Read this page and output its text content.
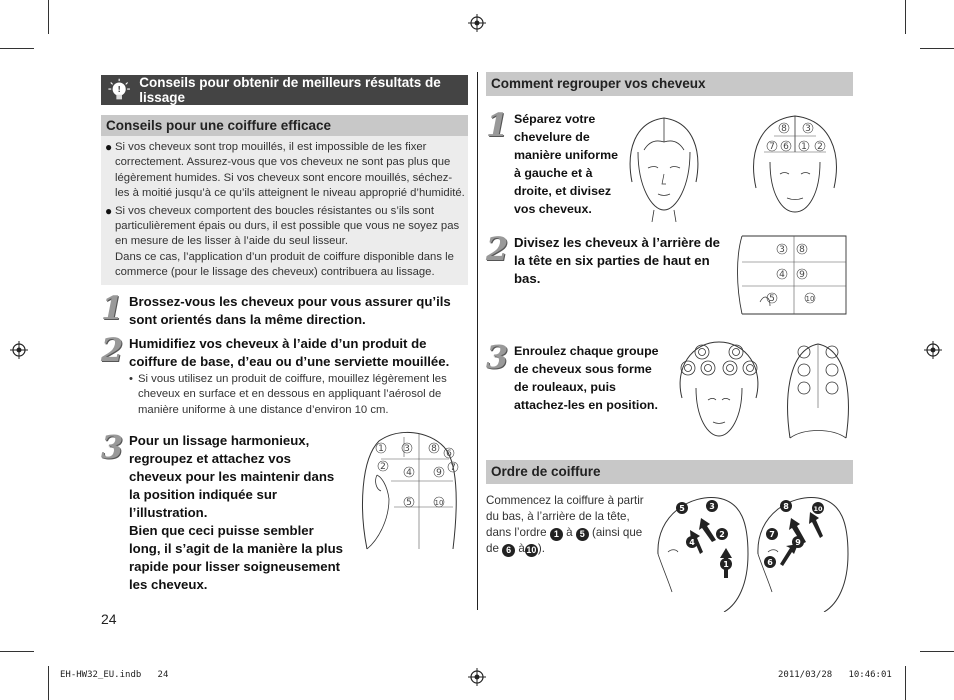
! Conseils pour obtenir de meilleurs résultats de lissage
Conseils pour une coiffure efficace
● Si vos cheveux sont trop mouillés, il est impossible de les fixer correctement. Assurez-vous que vos cheveux ne sont pas plus que légèrement humides. Si vos cheveux sont encore mouillés, séchez-les à moitié jusqu’à ce qu’ils atteignent le niveau approprié d’humidité.
● Si vos cheveux comportent des boucles résistantes ou s’ils sont particulièrement épais ou durs, il est possible que vous ne soyez pas en mesure de les lisser à l’aide du seul lisseur.
Dans ce cas, l’application d’un produit de coiffure disponible dans le commerce (pour le lissage des cheveux) contribuera au lissage.
1 Brossez-vous les cheveux pour vous assurer qu’ils sont orientés dans la même direction.
2 Humidifiez vos cheveux à l’aide d’un produit de coiffure de base, d’eau ou d’une serviette mouillée.
• Si vous utilisez un produit de coiffure, mouillez légèrement les cheveux en surface et en dessous en appliquant l’aérosol de manière uniforme à une distance d’environ 10 cm.
3 Pour un lissage harmonieux, regroupez et attachez vos cheveux pour les maintenir dans la position indiquée sur l’illustration.
Bien que ceci puisse sembler long, il s’agit de la manière la plus rapide pour lisser soigneusement les cheveux.
1 3 8 6
2
4	9 7
5	10
Comment regrouper vos cheveux
1 Séparez votre chevelure de manière uniforme à gauche et à droite, et divisez vos cheveux.
8 3
7 6 1 2
2 Divisez les cheveux à l’arrière de la tête en six parties de haut en bas.
3 8
4 9
5	10
3 Enroulez chaque groupe de cheveux sous forme de rouleaux, puis attachez-les en position.
Ordre de coiffure
Commencez la coiffure à partir du bas, à l’arrière de la tête, dans l’ordre 1 à 5 (ainsi que de 6 à10 ).
1
2
3
4
5
6
7
8
9
10
24
EH-HW32_EU.indb 24	2011/03/28 10:46:01
